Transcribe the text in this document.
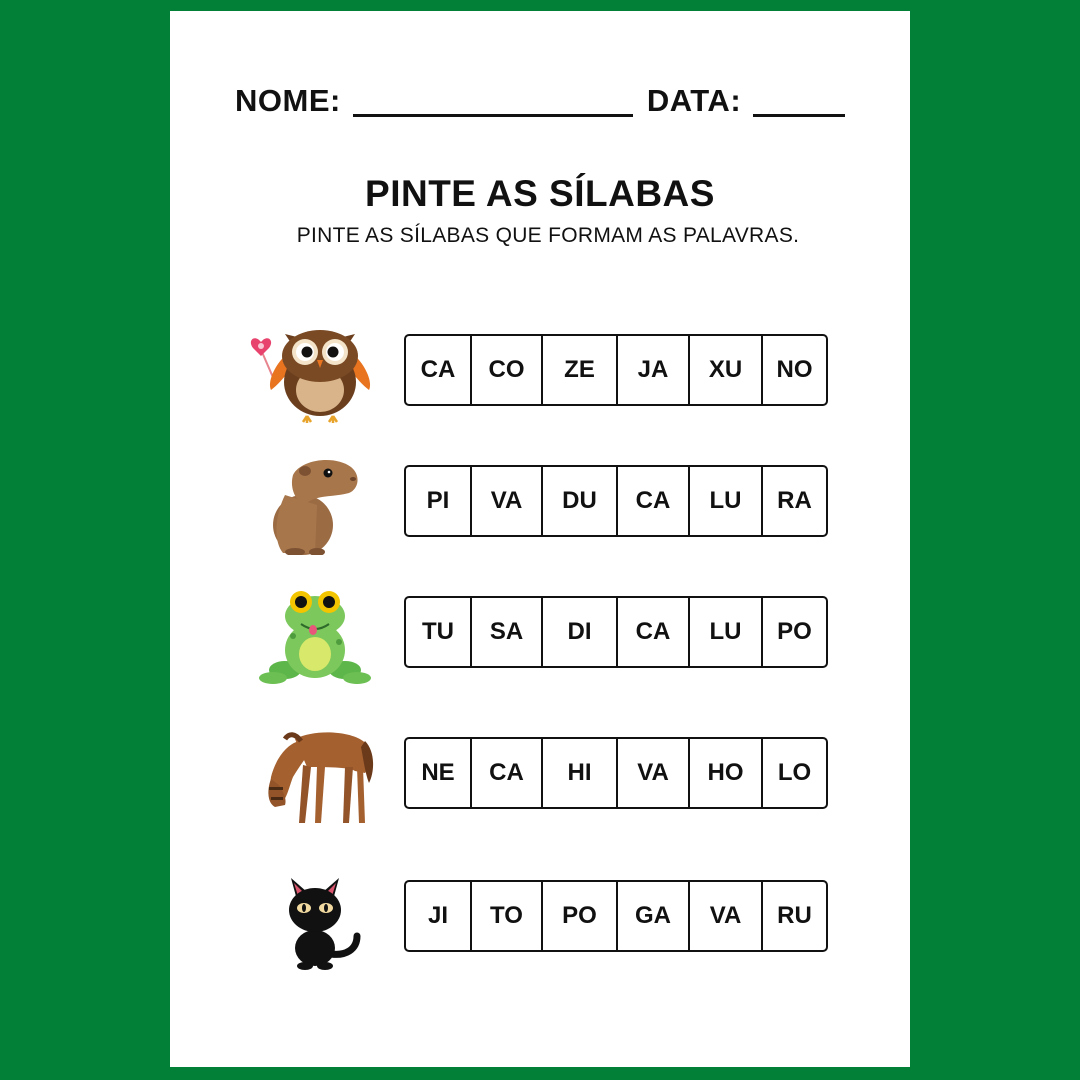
NOME:	DATA:
PINTE AS SÍLABAS
PINTE AS SÍLABAS QUE FORMAM AS PALAVRAS.
CA	CO	ZE	JA	XU	NO
PI	VA	DU	CA	LU	RA
TU	SA	DI	CA	LU	PO
NE	CA	HI	VA	HO	LO
JI	TO	PO	GA	VA	RU
